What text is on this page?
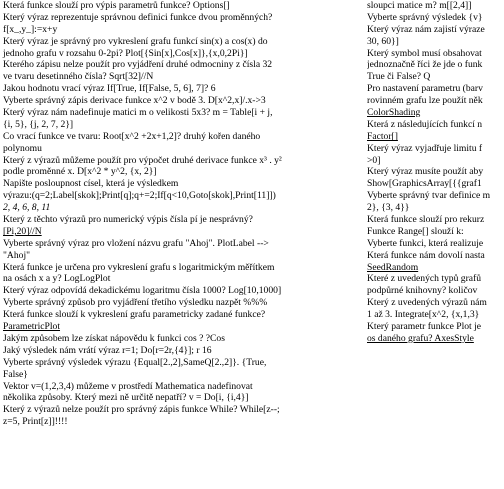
Která funkce slouží pro výpis parametrů funkce? Options[]
Který výraz reprezentuje správnou definici funkce dvou proměnných?
f[x_,y_]:=x+y
Který výraz je správný pro vykreslení grafu funkcí sin(x) a cos(x) do
jednoho grafu v rozsahu 0-2pi? Plot[{Sin[x],Cos[x]},{x,0,2Pi}]
Kterého zápisu nelze použít pro vyjádření druhé odmocniny z čísla 32
ve tvaru desetinného čísla? Sqrt[32]//N
Jakou hodnotu vrací výraz If[True, If[False, 5, 6], 7]? 6
Vyberte správný zápis derivace funkce x^2 v bodě 3. D[x^2,x]/.x->3
Který výraz nám nadefinuje matici m o velikosti 5x3? m = Table[i + j,
{i, 5}, {j, 2, 7, 2}]
Co vrací funkce ve tvaru: Root[x^2 +2x+1,2]? druhý kořen daného
polynomu
Který z výrazů můžeme použít pro výpočet druhé derivace funkce x³ . y²
podle proměnné x. D[x^2 * y^2, {x, 2}]
Napište posloupnost císel, která je výsledkem
výrazu:(q=2;Label[skok];Print[q];q+=2;If[q<10,Goto[skok],Print[11]])
2, 4, 6, 8, 11
Který z těchto výrazů pro numerický výpis čísla pí je nesprávný?
[Pi,20]//N
Vyberte správný výraz pro vložení názvu grafu "Ahoj". PlotLabel -->
"Ahoj"
Která funkce je určena pro vykreslení grafu s logaritmickým měřítkem
na osách x a y? LogLogPlot
Který výraz odpovídá dekadickému logaritmu čísla 1000? Log[10,1000]
Vyberte správný způsob pro vyjádření třetího výsledku nazpět %%%
Která funkce slouží k vykreslení grafu parametricky zadané funkce?
ParametricPlot
Jakým způsobem lze získat nápovědu k funkci cos ? ?Cos
Jaký výsledek nám vrátí výraz r=1; Do[r=2r,{4}]; r 16
Vyberte správný výsledek výrazu {Equal[2.,2],SameQ[2.,2]}. {True,
False}
Vektor v=(1,2,3,4) můžeme v prostředí Mathematica nadefinovat
několika způsoby. Který mezi ně určitě nepatří? v = Do[i, {i,4}]
Který z výrazů nelze použít pro správný zápis funkce While? While[z--;
z=5, Print[z]]!!!!
sloupci matice m? m[[2,4]]
Vyberte správný výsledek {v}
Který výraz nám zajistí výraze
30, 60}]
Který symbol musí obsahovat
jednoznačně říci že jde o funk
True či False? Q
Pro nastavení parametru (barv
rovinném grafu lze použít něk
ColorShading
Která z následujících funkcí n
Factor[]
Který výraz vyjadřuje limitu f
>0]
Který výraz musíte použít aby
Show[GraphicsArray[{{graf1
Vyberte správný tvar definice m
2}, {3, 4}}
Která funkce slouží pro rekurz
Funkce Range[] slouží k:
Vyberte funkci, která realizuje
Která funkce nám dovolí nasta
SeedRandom
Které z uvedených typů grafů
podpůrné knihovny? količov
Který z uvedených výrazů nám
1 až 3. Integrate[x^2, {x,1,3}
Který parametr funkce Plot je
os daného grafu? AxesStyle
